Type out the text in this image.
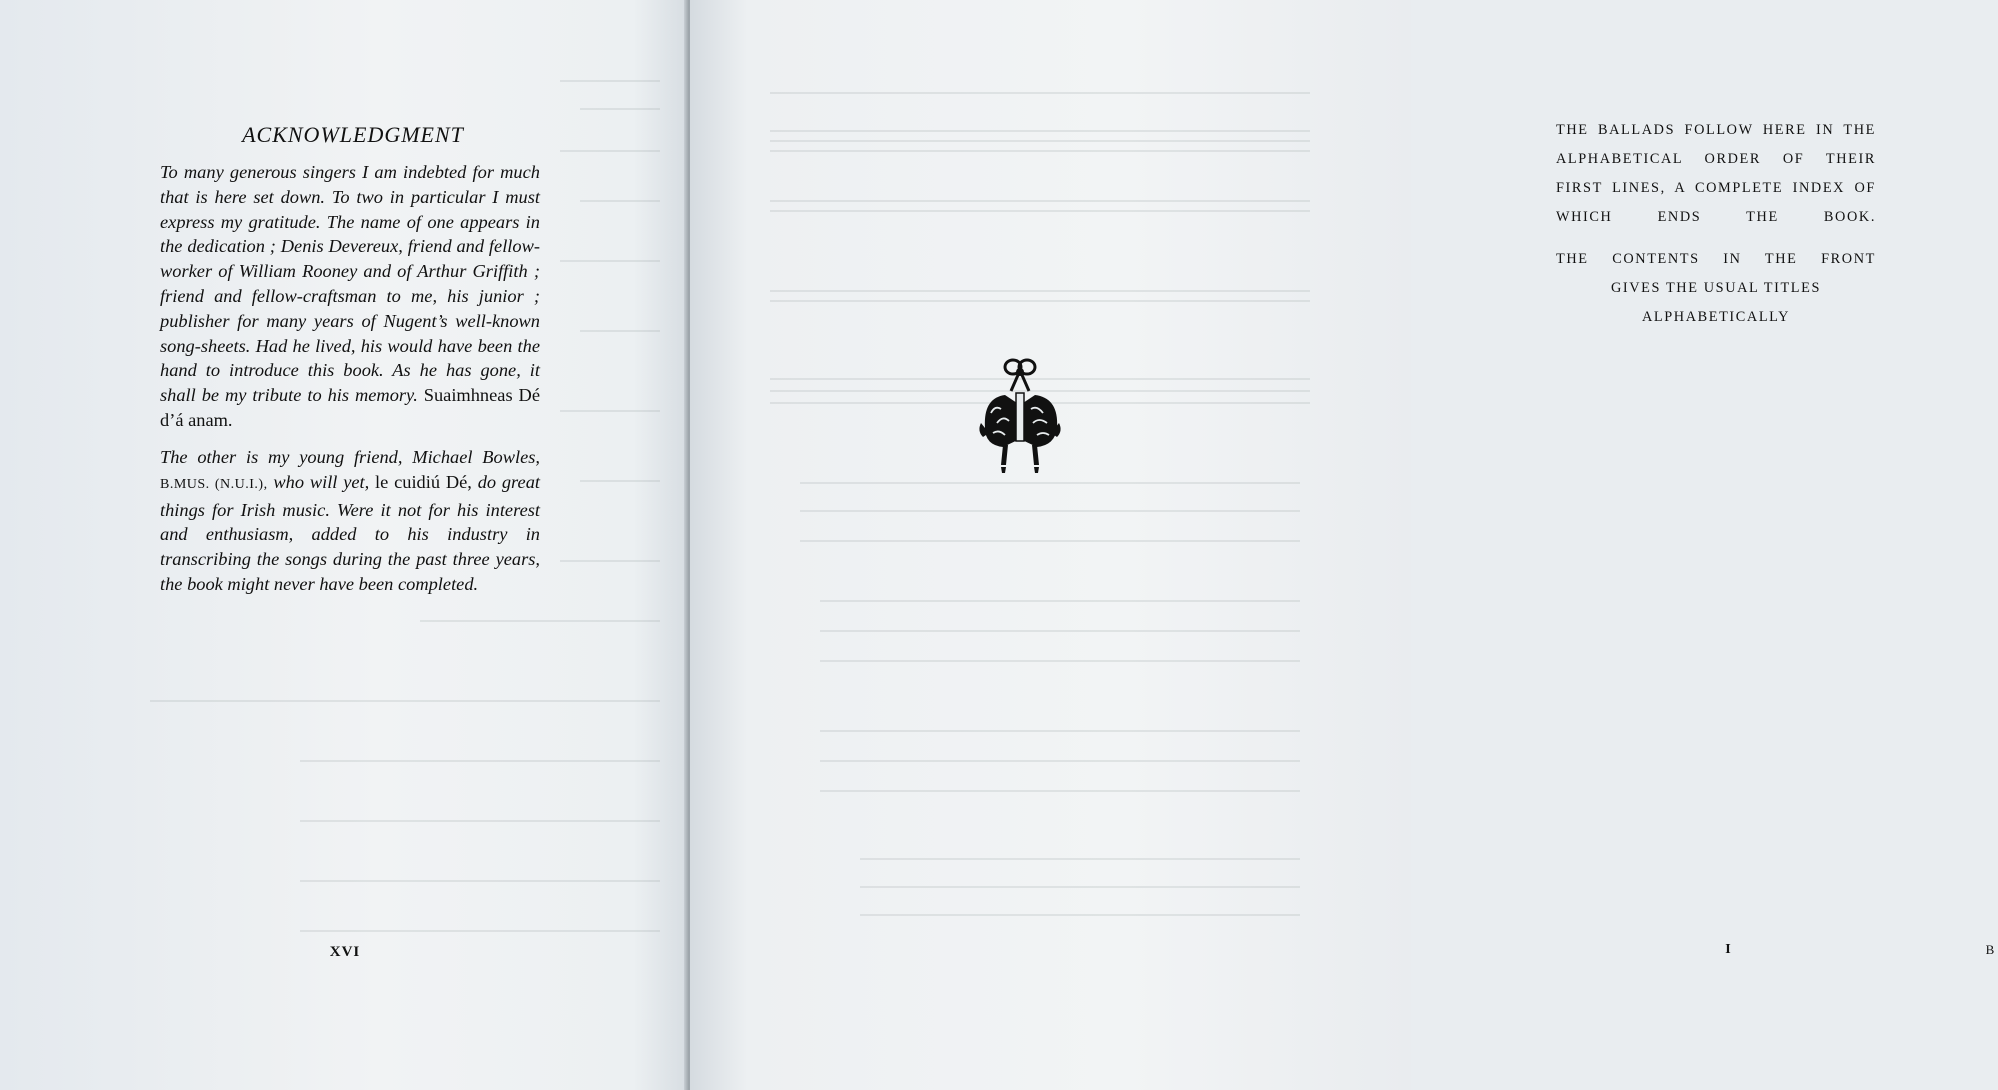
ACKNOWLEDGMENT
To many generous singers I am indebted for much that is here set down. To two in particular I must express my gratitude. The name of one appears in the dedication ; Denis Devereux, friend and fellow-worker of William Rooney and of Arthur Griffith ; friend and fellow-craftsman to me, his junior ; publisher for many years of Nugent’s well-known song-sheets. Had he lived, his would have been the hand to introduce this book. As he has gone, it shall be my tribute to his memory. Suaimhneas Dé d’á anam.
The other is my young friend, Michael Bowles, B.MUS. (N.U.I.), who will yet, le cuidiú Dé, do great things for Irish music. Were it not for his interest and enthusiasm, added to his industry in transcribing the songs during the past three years, the book might never have been completed.
XVI
THE BALLADS FOLLOW HERE IN THE ALPHABETICAL ORDER OF THEIR FIRST LINES, A COMPLETE INDEX OF WHICH ENDS THE BOOK.
THE CONTENTS IN THE FRONT
GIVES THE USUAL TITLES ALPHABETICALLY
I	B
